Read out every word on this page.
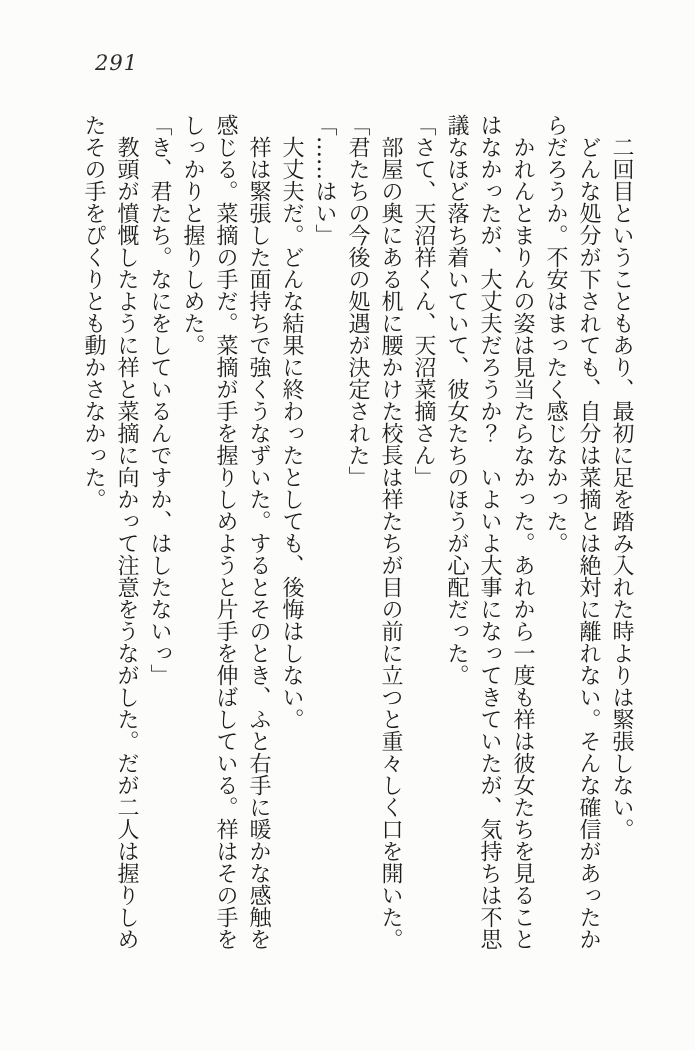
291

　二回目ということもあり、最初に足を踏み入れた時よりは緊張しない。

　どんな処分が下されても、自分は菜摘とは絶対に離れない。そんな確信があったか

らだろうか。不安はまったく感じなかった。

　かれんとまりんの姿は見当たらなかった。あれから一度も祥は彼女たちを見ること

はなかったが、大丈夫だろうか？　いよいよ大事になってきていたが、気持ちは不思

議なほど落ち着いていて、彼女たちのほうが心配だった。

「さて、天沼祥くん、天沼菜摘さん」

　部屋の奥にある机に腰かけた校長は祥たちが目の前に立つと重々しく口を開いた。

「君たちの今後の処遇が決定された」

「……はい」

　大丈夫だ。どんな結果に終わったとしても、後悔はしない。

　祥は緊張した面持ちで強くうなずいた。するとそのとき、ふと右手に暖かな感触を

感じる。菜摘の手だ。菜摘が手を握りしめようと片手を伸ばしている。祥はその手を

しっかりと握りしめた。

「き、君たち。なにをしているんですか、はしたないっ」

　教頭が憤慨したように祥と菜摘に向かって注意をうながした。だが二人は握りしめ

たその手をぴくりとも動かさなかった。
